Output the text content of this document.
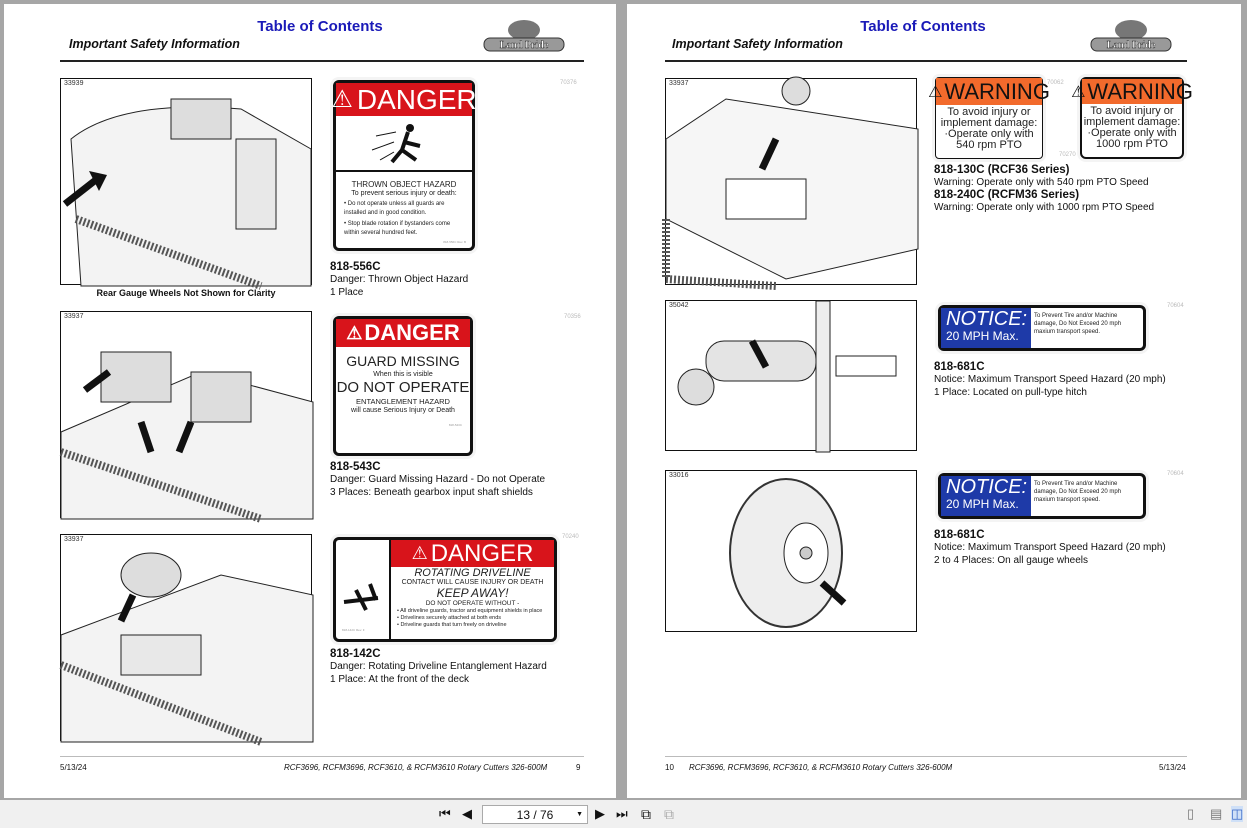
Table of Contents
Important Safety Information	Land Pride
33939
Rear Gauge Wheels Not Shown for Clarity
⚠ DANGER
THROWN OBJECT HAZARD
To prevent serious injury or death:
• Do not operate unless all guards are installed and in good condition.
• Stop blade rotation if bystanders come within several hundred feet.
818-556C Rev. B
70376
818-556C
Danger: Thrown Object Hazard
1 Place
33937
⚠ DANGER
GUARD MISSING
When this is visible
DO NOT OPERATE
ENTANGLEMENT HAZARD
will cause Serious Injury or Death
818-543C
70356
818-543C
Danger: Guard Missing Hazard - Do not Operate
3 Places: Beneath gearbox input shaft shields
33937
818-142C Rev. F
⚠ DANGER
ROTATING DRIVELINE
CONTACT WILL CAUSE INJURY OR DEATH
KEEP AWAY!
DO NOT OPERATE WITHOUT -
• All driveline guards, tractor and equipment shields in place
• Drivelines securely attached at both ends
• Driveline guards that turn freely on driveline
70240
818-142C
Danger: Rotating Driveline Entanglement Hazard
1 Place: At the front of the deck
5/13/24	RCF3696, RCFM3696, RCF3610, & RCFM3610 Rotary Cutters 326-600M	9
Table of Contents
Important Safety Information	Land Pride
33937	⚠ WARNING
To avoid injury or
implement damage:
·Operate only with
540 rpm PTO
70062
70270
⚠ WARNING
To avoid injury or
implement damage:
·Operate only with
1000 rpm PTO
818-130C (RCF36 Series)
Warning: Operate only with 540 rpm PTO Speed
818-240C (RCFM36 Series)
Warning: Operate only with 1000 rpm PTO Speed
35042
NOTICE:
20 MPH Max.
To Prevent Tire and/or Machine damage, Do Not Exceed 20 mph maxium transport speed.
70604
818-681C
Notice: Maximum Transport Speed Hazard (20 mph)
1 Place: Located on pull-type hitch
33016
NOTICE:
20 MPH Max.
To Prevent Tire and/or Machine damage, Do Not Exceed 20 mph maxium transport speed.
70604
818-681C
Notice: Maximum Transport Speed Hazard (20 mph)
2 to 4 Places: On all gauge wheels
10 RCF3696, RCFM3696, RCF3610, & RCFM3610 Rotary Cutters 326-600M	5/13/24
⏮ ◀	13 / 76	▼ ▶ ⏭ ⧉ ⧉	▯ ▤ ◫
